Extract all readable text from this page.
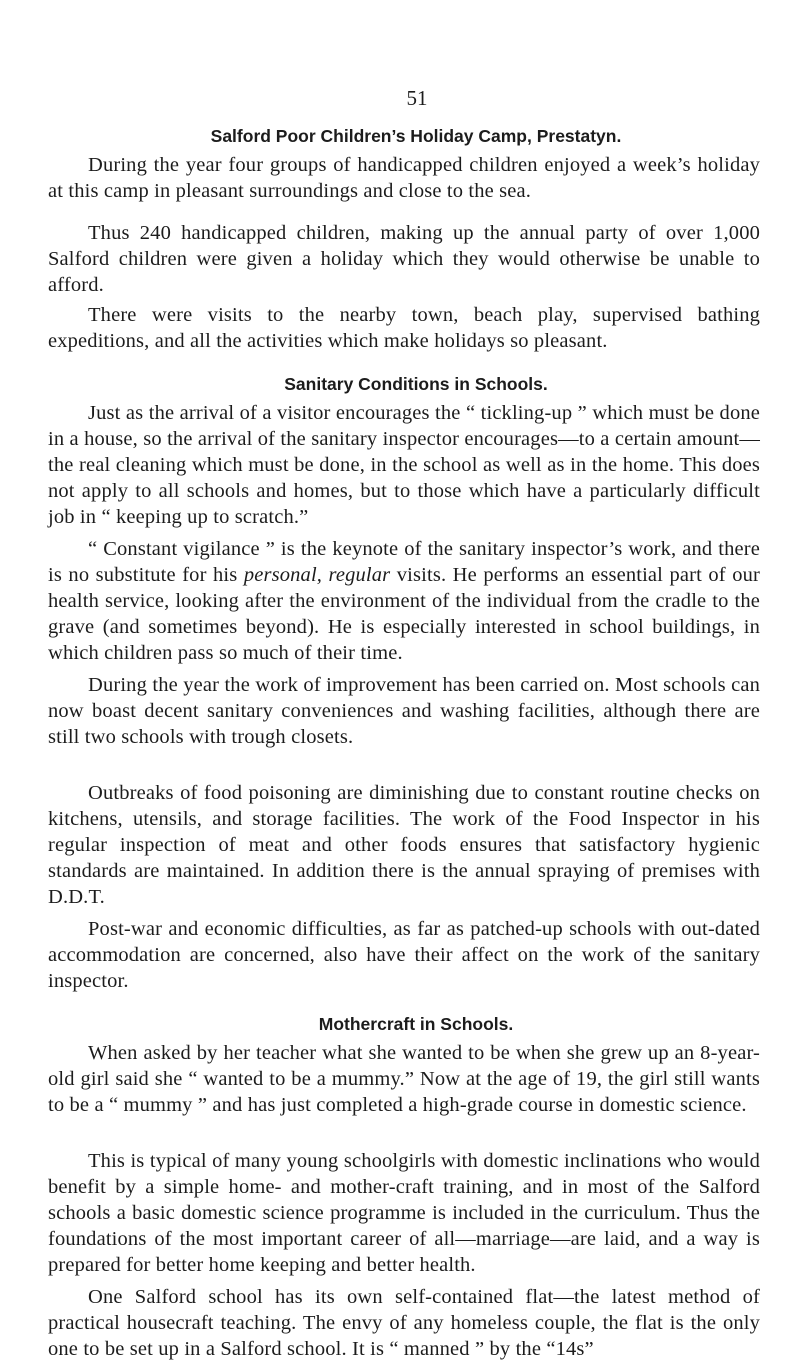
51
Salford Poor Children’s Holiday Camp, Prestatyn.

During the year four groups of handicapped children enjoyed a week’s holiday at this camp in pleasant surroundings and close to the sea.

Thus 240 handicapped children, making up the annual party of over 1,000 Salford children were given a holiday which they would otherwise be unable to afford.

There were visits to the nearby town, beach play, supervised bathing expeditions, and all the activities which make holidays so pleasant.

Sanitary Conditions in Schools.

Just as the arrival of a visitor encourages the “ tickling-up ” which must be done in a house, so the arrival of the sanitary inspector encourages—to a certain amount—the real cleaning which must be done, in the school as well as in the home. This does not apply to all schools and homes, but to those which have a particularly difficult job in “ keeping up to scratch.”

“ Constant vigilance ” is the keynote of the sanitary inspector’s work, and there is no substitute for his personal, regular visits. He performs an essential part of our health service, looking after the environment of the individual from the cradle to the grave (and sometimes beyond). He is especially interested in school buildings, in which children pass so much of their time.

During the year the work of improvement has been carried on. Most schools can now boast decent sanitary conveniences and washing facilities, although there are still two schools with trough closets.

Outbreaks of food poisoning are diminishing due to constant routine checks on kitchens, utensils, and storage facilities. The work of the Food Inspector in his regular inspection of meat and other foods ensures that satisfactory hygienic standards are maintained. In addition there is the annual spraying of premises with D.D.T.

Post-war and economic difficulties, as far as patched-up schools with out-dated accommodation are concerned, also have their affect on the work of the sanitary inspector.

Mothercraft in Schools.

When asked by her teacher what she wanted to be when she grew up an 8-year-old girl said she “ wanted to be a mummy.” Now at the age of 19, the girl still wants to be a “ mummy ” and has just completed a high-grade course in domestic science.

This is typical of many young schoolgirls with domestic inclinations who would benefit by a simple home- and mother-craft training, and in most of the Salford schools a basic domestic science programme is included in the curriculum. Thus the foundations of the most important career of all—marriage—are laid, and a way is prepared for better home keeping and better health.

One Salford school has its own self-contained flat—the latest method of practical housecraft teaching. The envy of any homeless couple, the flat is the only one to be set up in a Salford school. It is “ manned ” by the “14s”
